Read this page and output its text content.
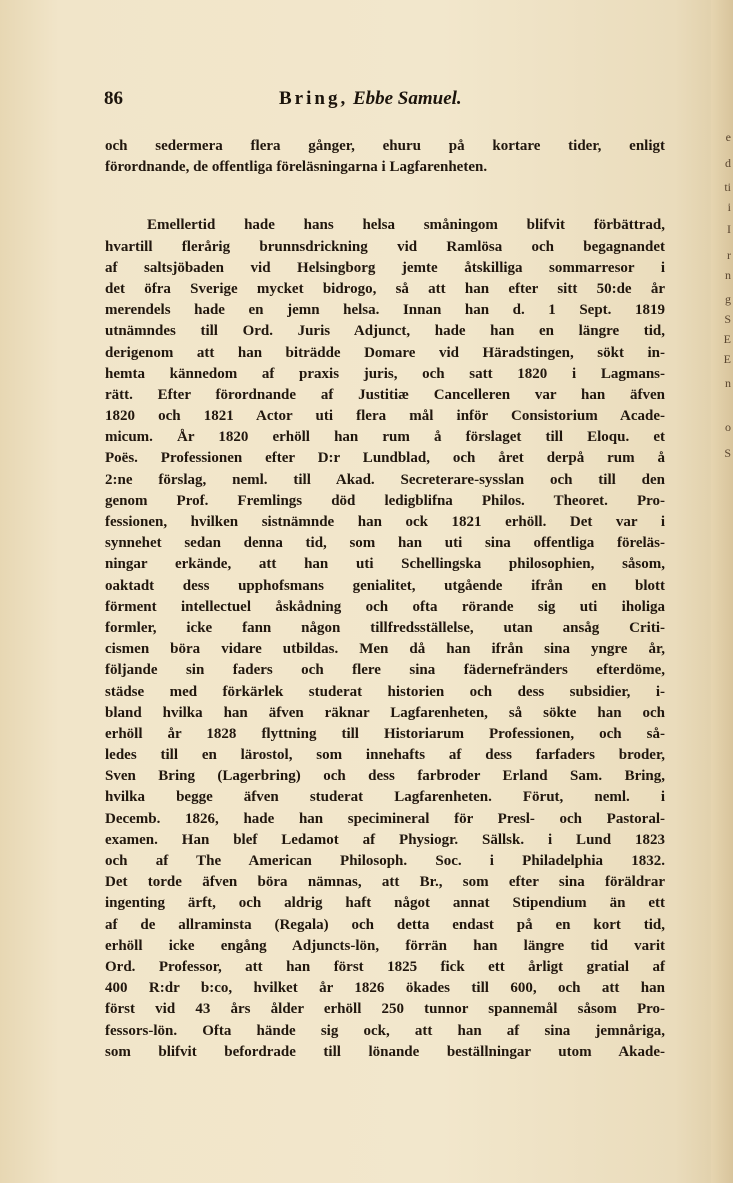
e
d
ti
i
I
r
n
g
S
E
E
n
o
S
86	Bring, Ebbe Samuel.
och sedermera flera gånger, ehuru på kortare tider, enligt
förordnande, de offentliga föreläsningarna i Lagfarenheten.
Emellertid hade hans helsa småningom blifvit förbättrad,
hvartill flerårig brunnsdrickning vid Ramlösa och begagnandet
af saltsjöbaden vid Helsingborg jemte åtskilliga sommarresor i
det öfra Sverige mycket bidrogo, så att han efter sitt 50:de år
merendels hade en jemn helsa. Innan han d. 1 Sept. 1819
utnämndes till Ord. Juris Adjunct, hade han en längre tid,
derigenom att han biträdde Domare vid Häradstingen, sökt in-
hemta kännedom af praxis juris, och satt 1820 i Lagmans-
rätt. Efter förordnande af Justitiæ Cancelleren var han äfven
1820 och 1821 Actor uti flera mål inför Consistorium Acade-
micum. År 1820 erhöll han rum å förslaget till Eloqu. et
Poës. Professionen efter D:r Lundblad, och året derpå rum å
2:ne förslag, neml. till Akad. Secreterare-sysslan och till den
genom Prof. Fremlings död ledigblifna Philos. Theoret. Pro-
fessionen, hvilken sistnämnde han ock 1821 erhöll. Det var i
synnehet sedan denna tid, som han uti sina offentliga föreläs-
ningar erkände, att han uti Schellingska philosophien, såsom,
oaktadt dess upphofsmans genialitet, utgående ifrån en blott
förment intellectuel åskådning och ofta rörande sig uti iholiga
formler, icke fann någon tillfredsställelse, utan ansåg Criti-
cismen böra vidare utbildas. Men då han ifrån sina yngre år,
följande sin faders och flere sina fädernefränders efterdöme,
städse med förkärlek studerat historien och dess subsidier, i-
bland hvilka han äfven räknar Lagfarenheten, så sökte han och
erhöll år 1828 flyttning till Historiarum Professionen, och så-
ledes till en lärostol, som innehafts af dess farfaders broder,
Sven Bring (Lagerbring) och dess farbroder Erland Sam. Bring,
hvilka begge äfven studerat Lagfarenheten. Förut, neml. i
Decemb. 1826, hade han specimineral för Presl- och Pastoral-
examen. Han blef Ledamot af Physiogr. Sällsk. i Lund 1823
och af The American Philosoph. Soc. i Philadelphia 1832.
Det torde äfven böra nämnas, att Br., som efter sina föräldrar
ingenting ärft, och aldrig haft något annat Stipendium än ett
af de allraminsta (Regala) och detta endast på en kort tid,
erhöll icke engång Adjuncts-lön, förrän han längre tid varit
Ord. Professor, att han först 1825 fick ett årligt gratial af
400 R:dr b:co, hvilket år 1826 ökades till 600, och att han
först vid 43 års ålder erhöll 250 tunnor spannemål såsom Pro-
fessors-lön. Ofta hände sig ock, att han af sina jemnåriga,
som blifvit befordrade till lönande beställningar utom Akade-
